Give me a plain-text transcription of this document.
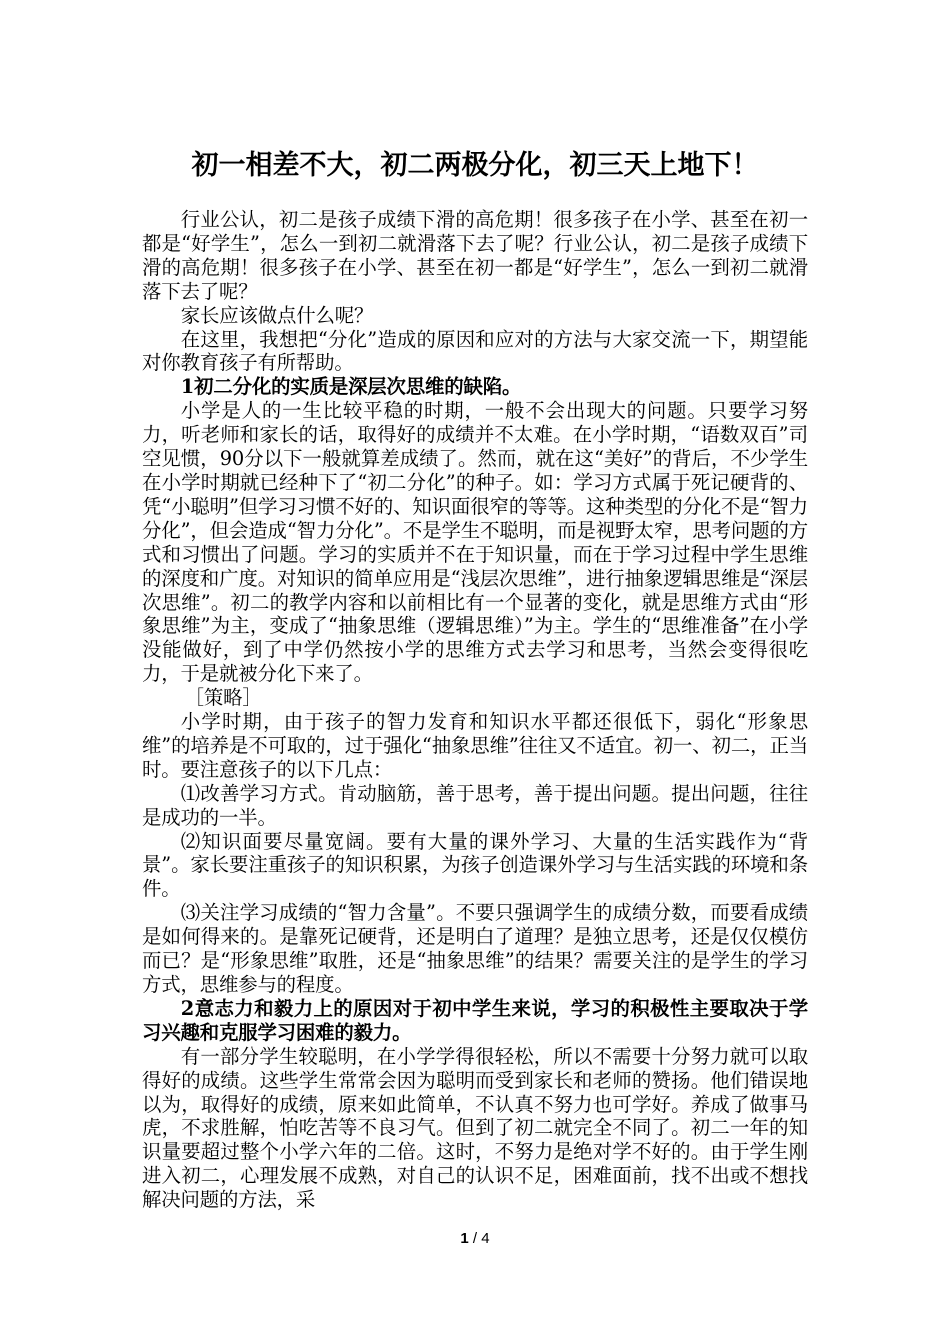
初一相差不大，初二两极分化，初三天上地下！

行业公认，初二是孩子成绩下滑的高危期！很多孩子在小学、甚至在初一都是“好学生”，怎么一到初二就滑落下去了呢？行业公认，初二是孩子成绩下滑的高危期！很多孩子在小学、甚至在初一都是“好学生”，怎么一到初二就滑落下去了呢？

家长应该做点什么呢？

在这里，我想把“分化”造成的原因和应对的方法与大家交流一下，期望能对你教育孩子有所帮助。

1初二分化的实质是深层次思维的缺陷。

小学是人的一生比较平稳的时期，一般不会出现大的问题。只要学习努力，听老师和家长的话，取得好的成绩并不太难。在小学时期，“语数双百”司空见惯，90分以下一般就算差成绩了。然而，就在这“美好”的背后，不少学生在小学时期就已经种下了“初二分化”的种子。如：学习方式属于死记硬背的、凭“小聪明”但学习习惯不好的、知识面很窄的等等。这种类型的分化不是“智力分化”，但会造成“智力分化”。不是学生不聪明，而是视野太窄，思考问题的方式和习惯出了问题。学习的实质并不在于知识量，而在于学习过程中学生思维的深度和广度。对知识的简单应用是“浅层次思维”，进行抽象逻辑思维是“深层次思维”。初二的教学内容和以前相比有一个显著的变化，就是思维方式由“形象思维”为主，变成了“抽象思维（逻辑思维）”为主。学生的“思维准备”在小学没能做好，到了中学仍然按小学的思维方式去学习和思考，当然会变得很吃力，于是就被分化下来了。

［策略］

小学时期，由于孩子的智力发育和知识水平都还很低下，弱化“形象思维”的培养是不可取的，过于强化“抽象思维”往往又不适宜。初一、初二，正当时。要注意孩子的以下几点：

⑴改善学习方式。肯动脑筋，善于思考，善于提出问题。提出问题，往往是成功的一半。

⑵知识面要尽量宽阔。要有大量的课外学习、大量的生活实践作为“背景”。家长要注重孩子的知识积累，为孩子创造课外学习与生活实践的环境和条件。

⑶关注学习成绩的“智力含量”。不要只强调学生的成绩分数，而要看成绩是如何得来的。是靠死记硬背，还是明白了道理？是独立思考，还是仅仅模仿而已？是“形象思维”取胜，还是“抽象思维”的结果？需要关注的是学生的学习方式，思维参与的程度。

2意志力和毅力上的原因对于初中学生来说，学习的积极性主要取决于学习兴趣和克服学习困难的毅力。

有一部分学生较聪明，在小学学得很轻松，所以不需要十分努力就可以取得好的成绩。这些学生常常会因为聪明而受到家长和老师的赞扬。他们错误地以为，取得好的成绩，原来如此简单，不认真不努力也可学好。养成了做事马虎，不求胜解，怕吃苦等不良习气。但到了初二就完全不同了。初二一年的知识量要超过整个小学六年的二倍。这时，不努力是绝对学不好的。由于学生刚进入初二，心理发展不成熟，对自己的认识不足，困难面前，找不出或不想找解决问题的方法，采

1 / 4
